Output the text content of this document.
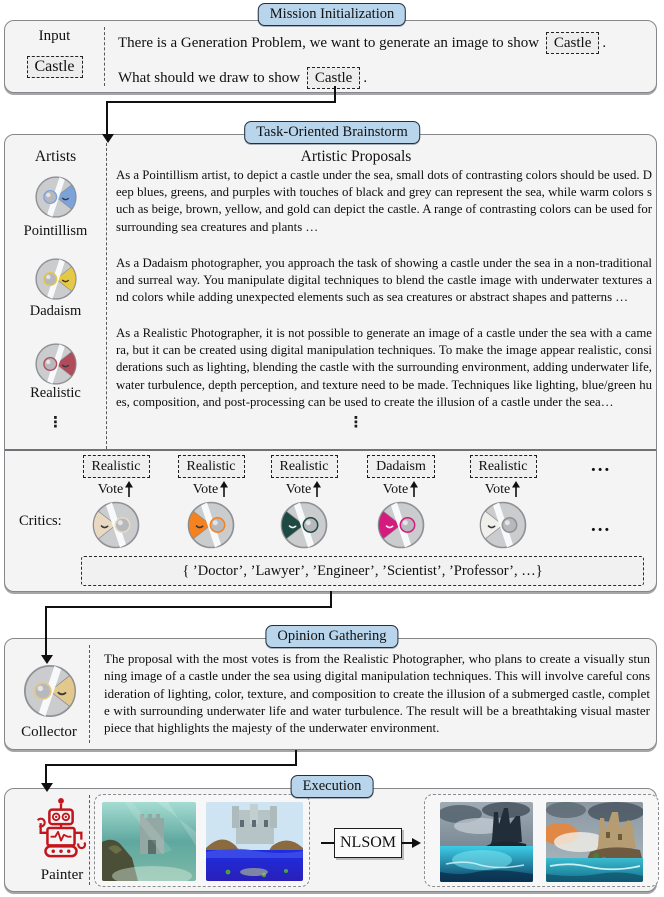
Mission Initialization
Task-Oriented Brainstorm
Opinion Gathering
Execution
Input
Castle
There is a Generation Problem, we want to generate an image to show Castle .
What should we draw to show Castle .
Artists	Artistic Proposals
Pointillism
Dadaism
Realistic
⋮

As a Pointillism artist, to depict a castle under the sea, small dots of contrasting colors should be used. Deep blues, greens, and purples with touches of black and grey can represent the sea, while warm colors such as beige, brown, yellow, and gold can depict the castle. A range of contrasting colors can be used for surrounding sea creatures and plants …

As a Dadaism photographer, you approach the task of showing a castle under the sea in a non-traditional and surreal way. You manipulate digital techniques to blend the castle image with underwater textures and colors while adding unexpected elements such as sea creatures or abstract shapes and patterns …

As a Realistic Photographer, it is not possible to generate an image of a castle under the sea with a camera, but it can be created using digital manipulation techniques. To make the image appear realistic, considerations such as lighting, blending the castle with the surrounding environment, adding underwater life, water turbulence, depth perception, and texture need to be made. Techniques like lighting, blue/green hues, composition, and post-processing can be used to create the illusion of a castle under the sea…

⋮
Critics:
Realistic
Vote
Realistic
Vote
Realistic
Vote
Dadaism
Vote
Realistic
Vote
...
...
{ ’Doctor’, ’Lawyer’, ’Engineer’, ’Scientist’, ’Professor’, …}
Collector

The proposal with the most votes is from the Realistic Photographer, who plans to create a visually stunning image of a castle under the sea using digital manipulation techniques. This will involve careful consideration of lighting, color, texture, and composition to create the illusion of a submerged castle, complete with surrounding underwater life and water turbulence. The result will be a breathtaking visual masterpiece that highlights the majesty of the underwater environment.

Painter
NLSOM
